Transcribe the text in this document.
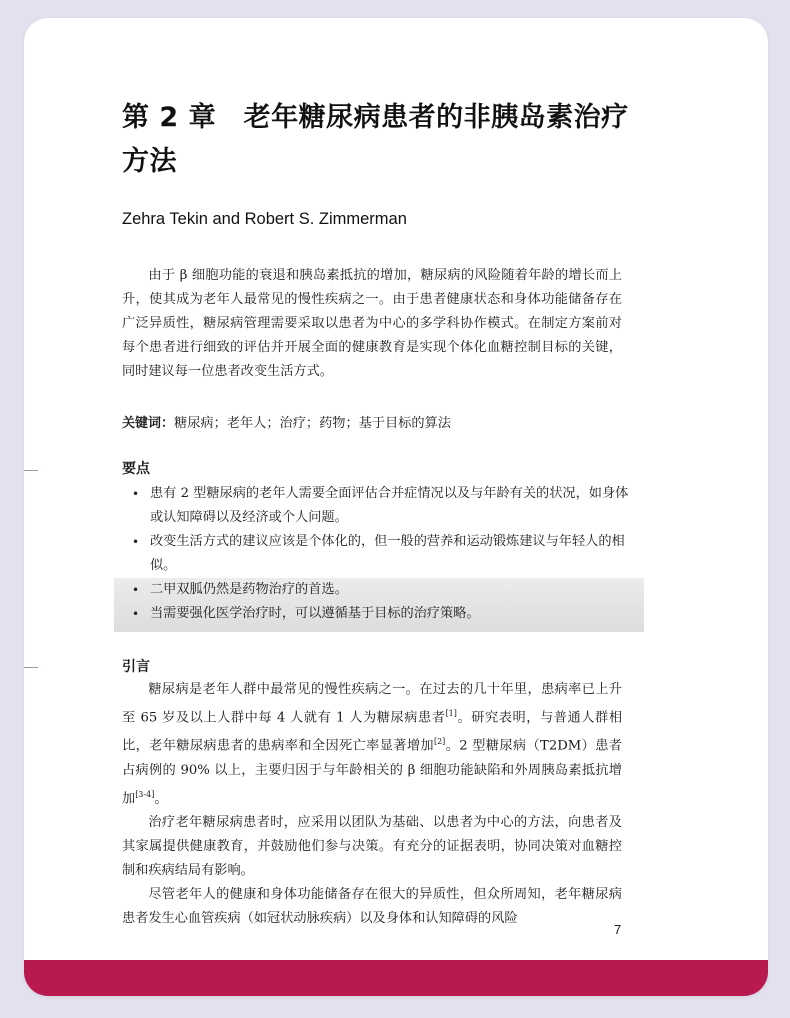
第 2 章　老年糖尿病患者的非胰岛素治疗
方法
Zehra Tekin and Robert S. Zimmerman

由于 β 细胞功能的衰退和胰岛素抵抗的增加，糖尿病的风险随着年龄的增长而上升，使其成为老年人最常见的慢性疾病之一。由于患者健康状态和身体功能储备存在广泛异质性，糖尿病管理需要采取以患者为中心的多学科协作模式。在制定方案前对每个患者进行细致的评估并开展全面的健康教育是实现个体化血糖控制目标的关键，同时建议每一位患者改变生活方式。

关键词：糖尿病；老年人；治疗；药物；基于目标的算法
要点
• 患有 2 型糖尿病的老年人需要全面评估合并症情况以及与年龄有关的状况，如身体或认知障碍以及经济或个人问题。
• 改变生活方式的建议应该是个体化的，但一般的营养和运动锻炼建议与年轻人的相似。
• 二甲双胍仍然是药物治疗的首选。
• 当需要强化医学治疗时，可以遵循基于目标的治疗策略。
引言

糖尿病是老年人群中最常见的慢性疾病之一。在过去的几十年里，患病率已上升至 65 岁及以上人群中每 4 人就有 1 人为糖尿病患者[1]。研究表明，与普通人群相比，老年糖尿病患者的患病率和全因死亡率显著增加[2]。2 型糖尿病（T2DM）患者占病例的 90% 以上，主要归因于与年龄相关的 β 细胞功能缺陷和外周胰岛素抵抗增加[3-4]。

治疗老年糖尿病患者时，应采用以团队为基础、以患者为中心的方法，向患者及其家属提供健康教育，并鼓励他们参与决策。有充分的证据表明，协同决策对血糖控制和疾病结局有影响。

尽管老年人的健康和身体功能储备存在很大的异质性，但众所周知，老年糖尿病患者发生心血管疾病（如冠状动脉疾病）以及身体和认知障碍的风险

7
